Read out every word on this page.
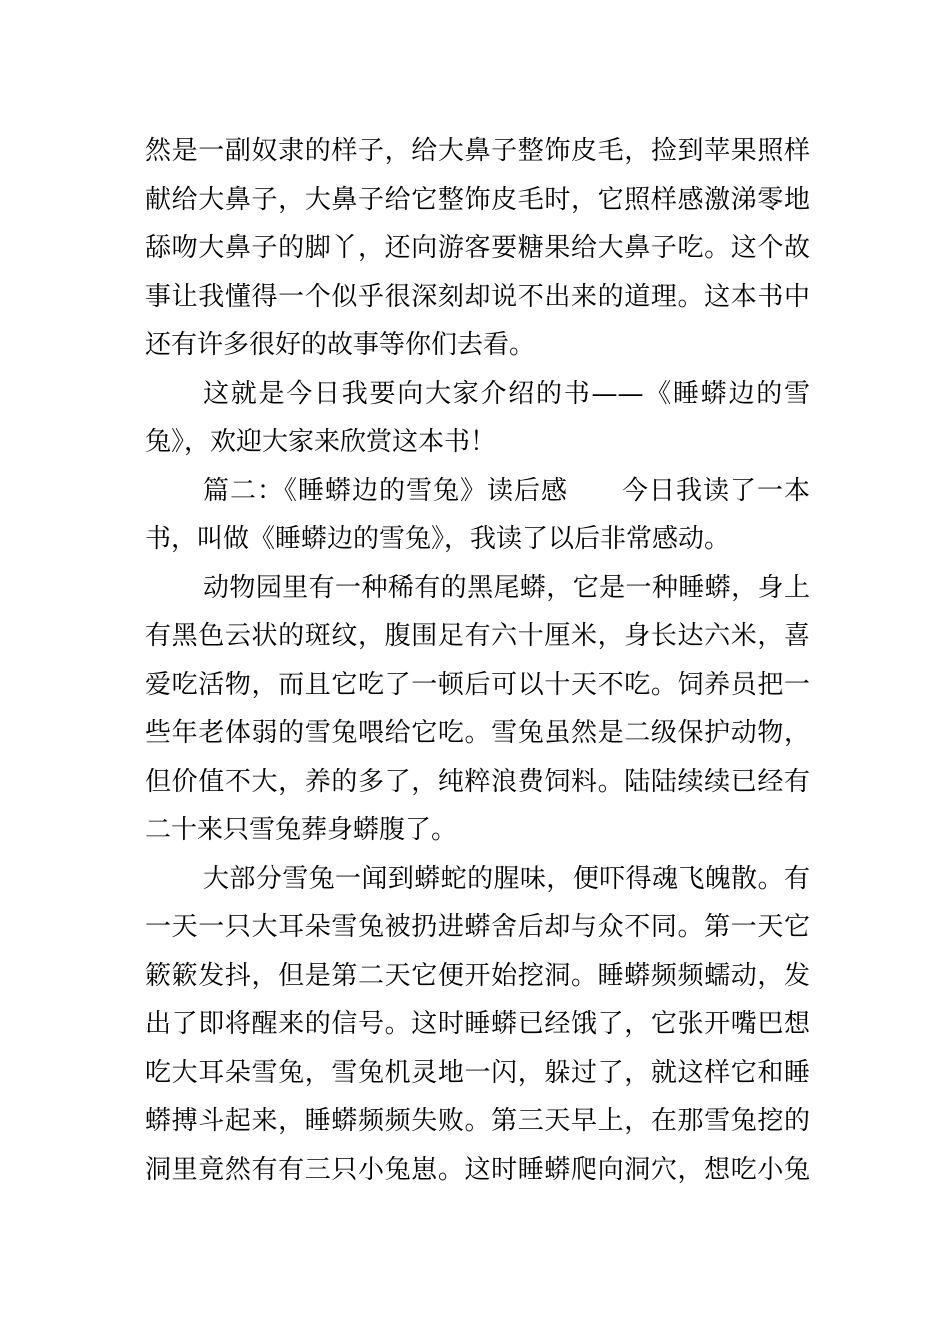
然是一副奴隶的样子，给大鼻子整饰皮毛，捡到苹果照样
献给大鼻子，大鼻子给它整饰皮毛时，它照样感激涕零地
舔吻大鼻子的脚丫，还向游客要糖果给大鼻子吃。这个故
事让我懂得一个似乎很深刻却说不出来的道理。这本书中
还有许多很好的故事等你们去看。
这就是今日我要向大家介绍的书——《睡蟒边的雪
兔》，欢迎大家来欣赏这本书！
篇二：《睡蟒边的雪兔》读后感　　今日我读了一本
书，叫做《睡蟒边的雪兔》，我读了以后非常感动。
动物园里有一种稀有的黑尾蟒，它是一种睡蟒，身上
有黑色云状的斑纹，腹围足有六十厘米，身长达六米，喜
爱吃活物，而且它吃了一顿后可以十天不吃。饲养员把一
些年老体弱的雪兔喂给它吃。雪兔虽然是二级保护动物，
但价值不大，养的多了，纯粹浪费饲料。陆陆续续已经有
二十来只雪兔葬身蟒腹了。
大部分雪兔一闻到蟒蛇的腥味，便吓得魂飞魄散。有
一天一只大耳朵雪兔被扔进蟒舍后却与众不同。第一天它
簌簌发抖，但是第二天它便开始挖洞。睡蟒频频蠕动，发
出了即将醒来的信号。这时睡蟒已经饿了，它张开嘴巴想
吃大耳朵雪兔，雪兔机灵地一闪，躲过了，就这样它和睡
蟒搏斗起来，睡蟒频频失败。第三天早上，在那雪兔挖的
洞里竟然有有三只小兔崽。这时睡蟒爬向洞穴，想吃小兔
